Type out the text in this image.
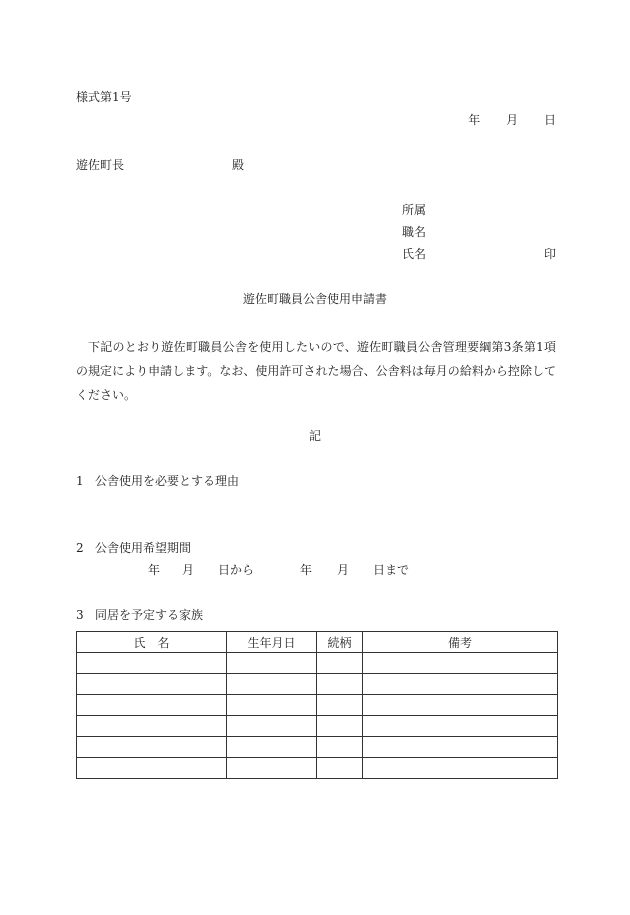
様式第1号
年 月 日
遊佐町長	殿
所属
職名
氏名	印
遊佐町職員公舎使用申請書
下記のとおり遊佐町職員公舎を使用したいので、遊佐町職員公舎管理要綱第3条第1項の規定により申請します。なお、使用許可された場合、公舎料は毎月の給料から控除してください。
記
1 公舎使用を必要とする理由
2 公舎使用希望期間
年 月 日から	年 月 日まで
3 同居を予定する家族
氏　名	生年月日	続柄	備考
